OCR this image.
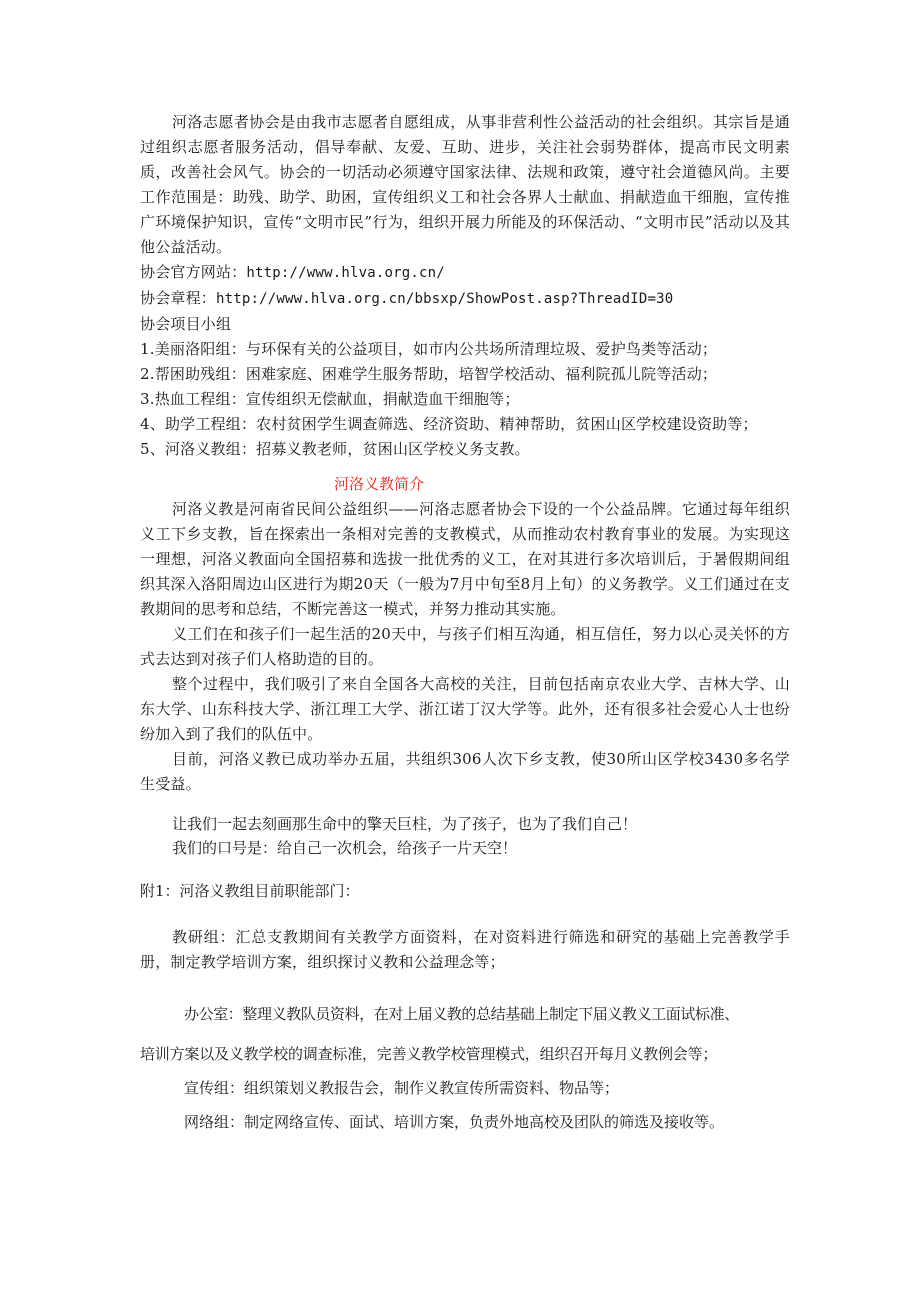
河洛志愿者协会是由我市志愿者自愿组成，从事非营利性公益活动的社会组织。其宗旨是通过组织志愿者服务活动，倡导奉献、友爱、互助、进步，关注社会弱势群体，提高市民文明素质，改善社会风气。协会的一切活动必须遵守国家法律、法规和政策，遵守社会道德风尚。主要工作范围是：助残、助学、助困，宣传组织义工和社会各界人士献血、捐献造血干细胞，宣传推广环境保护知识，宣传“文明市民”行为，组织开展力所能及的环保活动、“文明市民”活动以及其他公益活动。

协会官方网站：http://www.hlva.org.cn/

协会章程：http://www.hlva.org.cn/bbsxp/ShowPost.asp?ThreadID=30

协会项目小组

1.美丽洛阳组：与环保有关的公益项目，如市内公共场所清理垃圾、爱护鸟类等活动；

2.帮困助残组：困难家庭、困难学生服务帮助，培智学校活动、福利院孤儿院等活动；

3.热血工程组：宣传组织无偿献血，捐献造血干细胞等；

4、助学工程组：农村贫困学生调查筛选、经济资助、精神帮助，贫困山区学校建设资助等；

5、河洛义教组：招募义教老师，贫困山区学校义务支教。

河洛义教简介

河洛义教是河南省民间公益组织——河洛志愿者协会下设的一个公益品牌。它通过每年组织义工下乡支教，旨在探索出一条相对完善的支教模式，从而推动农村教育事业的发展。为实现这一理想，河洛义教面向全国招募和选拔一批优秀的义工，在对其进行多次培训后，于暑假期间组织其深入洛阳周边山区进行为期20天（一般为7月中旬至8月上旬）的义务教学。义工们通过在支教期间的思考和总结，不断完善这一模式，并努力推动其实施。

义工们在和孩子们一起生活的20天中，与孩子们相互沟通，相互信任，努力以心灵关怀的方式去达到对孩子们人格助造的目的。

整个过程中，我们吸引了来自全国各大高校的关注，目前包括南京农业大学、吉林大学、山东大学、山东科技大学、浙江理工大学、浙江诺丁汉大学等。此外，还有很多社会爱心人士也纷纷加入到了我们的队伍中。

目前，河洛义教已成功举办五届，共组织306人次下乡支教，使30所山区学校3430多名学生受益。

让我们一起去刻画那生命中的擎天巨柱，为了孩子，也为了我们自己！

我们的口号是：给自己一次机会，给孩子一片天空！

附1：河洛义教组目前职能部门：

教研组：汇总支教期间有关教学方面资料，在对资料进行筛选和研究的基础上完善教学手册，制定教学培训方案，组织探讨义教和公益理念等；

办公室：整理义教队员资料，在对上届义教的总结基础上制定下届义教义工面试标准、

培训方案以及义教学校的调查标准，完善义教学校管理模式，组织召开每月义教例会等；

宣传组：组织策划义教报告会，制作义教宣传所需资料、物品等；

网络组：制定网络宣传、面试、培训方案，负责外地高校及团队的筛选及接收等。
